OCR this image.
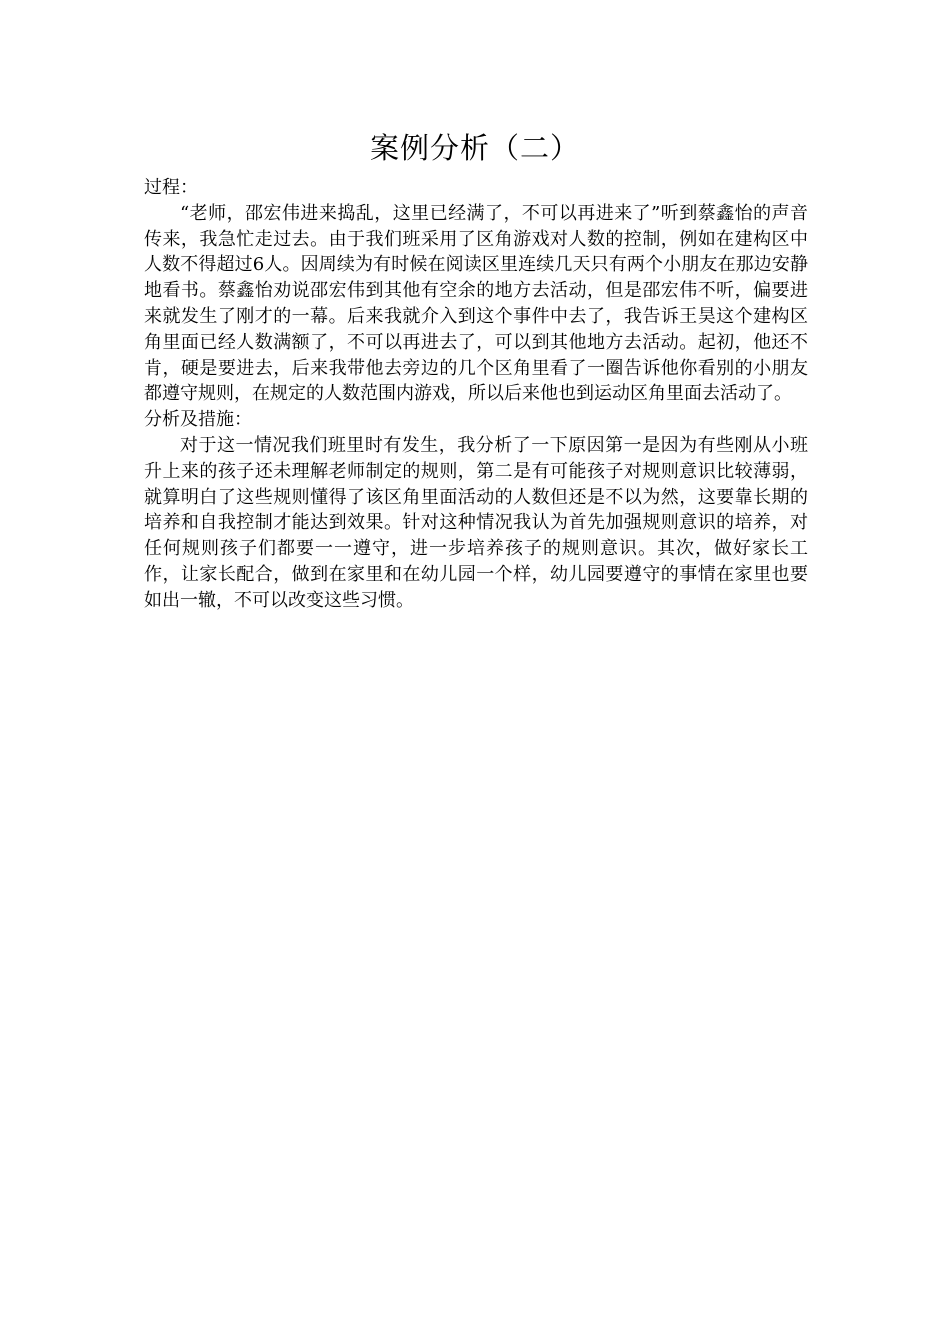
案例分析（二）

过程：

“老师，邵宏伟进来捣乱，这里已经满了，不可以再进来了”听到蔡鑫怡的声音传来，我急忙走过去。由于我们班采用了区角游戏对人数的控制，例如在建构区中人数不得超过6人。因周续为有时候在阅读区里连续几天只有两个小朋友在那边安静地看书。蔡鑫怡劝说邵宏伟到其他有空余的地方去活动，但是邵宏伟不听，偏要进来就发生了刚才的一幕。后来我就介入到这个事件中去了，我告诉王昊这个建构区角里面已经人数满额了，不可以再进去了，可以到其他地方去活动。起初，他还不肯，硬是要进去，后来我带他去旁边的几个区角里看了一圈告诉他你看别的小朋友都遵守规则，在规定的人数范围内游戏，所以后来他也到运动区角里面去活动了。

分析及措施：

对于这一情况我们班里时有发生，我分析了一下原因第一是因为有些刚从小班升上来的孩子还未理解老师制定的规则，第二是有可能孩子对规则意识比较薄弱，就算明白了这些规则懂得了该区角里面活动的人数但还是不以为然，这要靠长期的培养和自我控制才能达到效果。针对这种情况我认为首先加强规则意识的培养，对任何规则孩子们都要一一遵守，进一步培养孩子的规则意识。其次，做好家长工作，让家长配合，做到在家里和在幼儿园一个样，幼儿园要遵守的事情在家里也要如出一辙，不可以改变这些习惯。
